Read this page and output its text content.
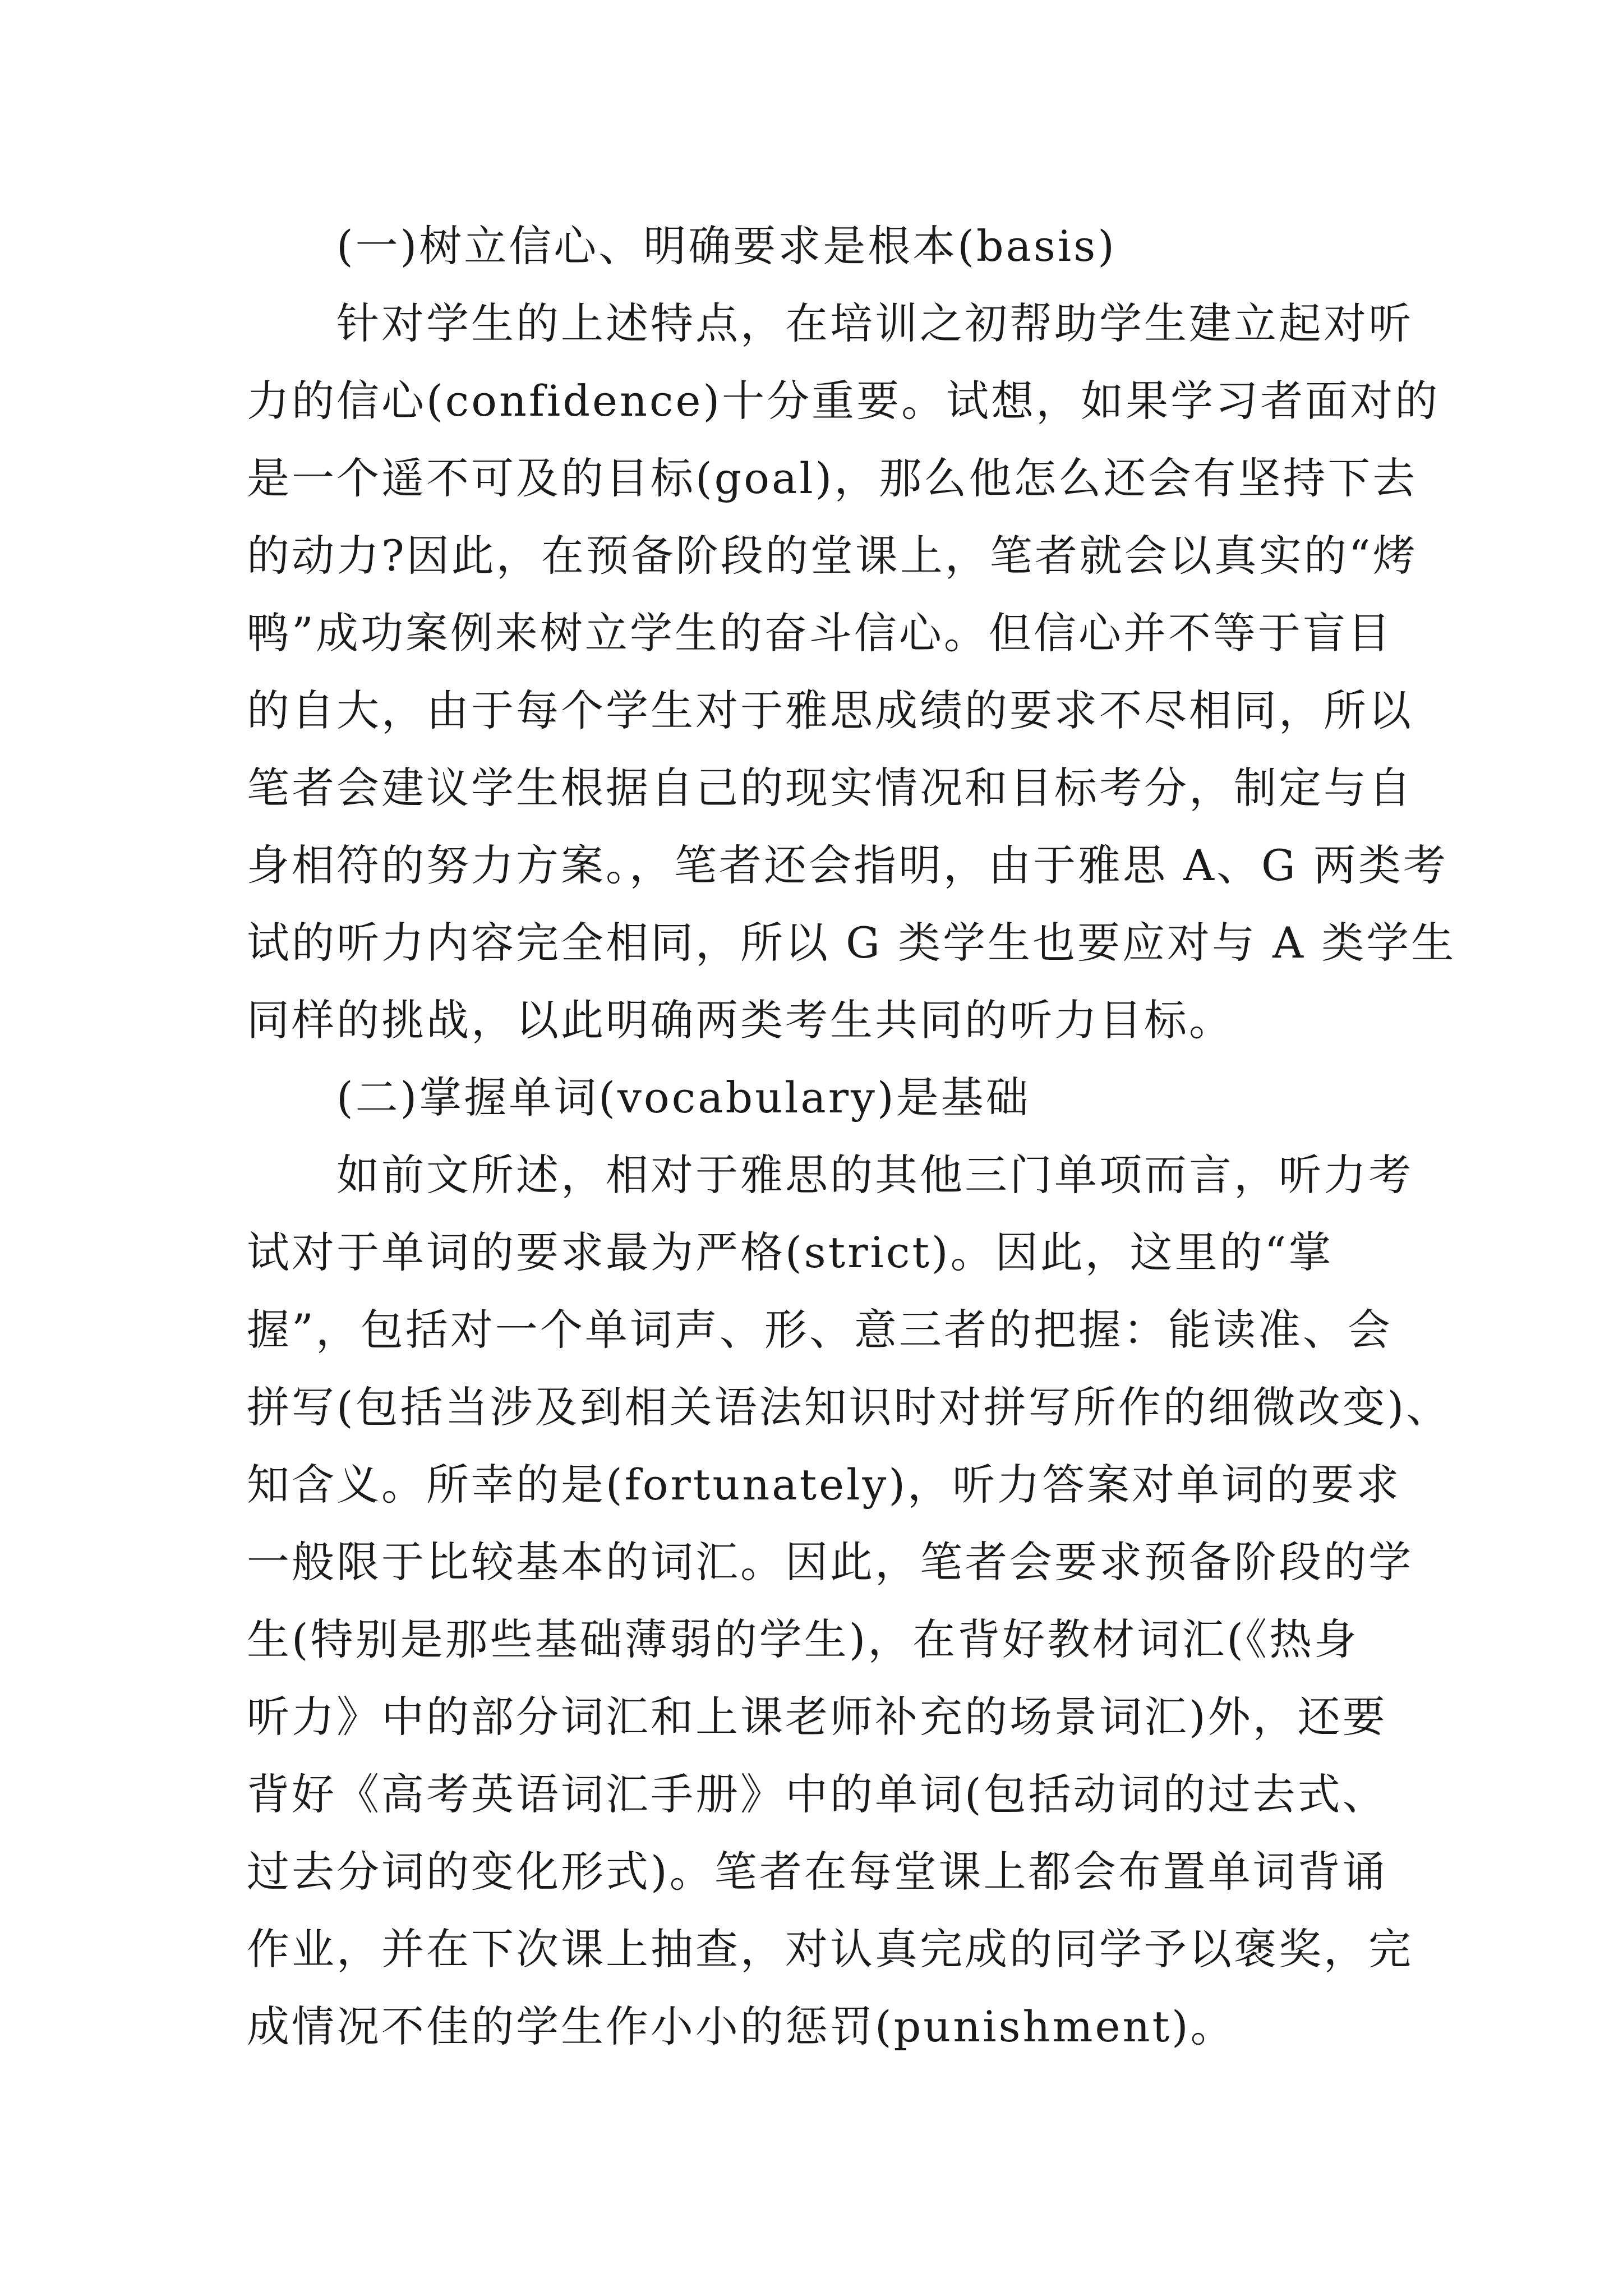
(一)树立信心、明确要求是根本(basis)
针对学生的上述特点，在培训之初帮助学生建立起对听
力的信心(confidence)十分重要。试想，如果学习者面对的
是一个遥不可及的目标(goal)，那么他怎么还会有坚持下去
的动力?因此，在预备阶段的堂课上，笔者就会以真实的“烤
鸭”成功案例来树立学生的奋斗信心。但信心并不等于盲目
的自大，由于每个学生对于雅思成绩的要求不尽相同，所以
笔者会建议学生根据自己的现实情况和目标考分，制定与自
身相符的努力方案。，笔者还会指明，由于雅思 A、G 两类考
试的听力内容完全相同，所以 G 类学生也要应对与 A 类学生
同样的挑战，以此明确两类考生共同的听力目标。
(二)掌握单词(vocabulary)是基础
如前文所述，相对于雅思的其他三门单项而言，听力考
试对于单词的要求最为严格(strict)。因此，这里的“掌
握”，包括对一个单词声、形、意三者的把握：能读准、会
拼写(包括当涉及到相关语法知识时对拼写所作的细微改变)、
知含义。所幸的是(fortunately)，听力答案对单词的要求
一般限于比较基本的词汇。因此，笔者会要求预备阶段的学
生(特别是那些基础薄弱的学生)，在背好教材词汇(《热身
听力》中的部分词汇和上课老师补充的场景词汇)外，还要
背好《高考英语词汇手册》中的单词(包括动词的过去式、
过去分词的变化形式)。笔者在每堂课上都会布置单词背诵
作业，并在下次课上抽查，对认真完成的同学予以褒奖，完
成情况不佳的学生作小小的惩罚(punishment)。
